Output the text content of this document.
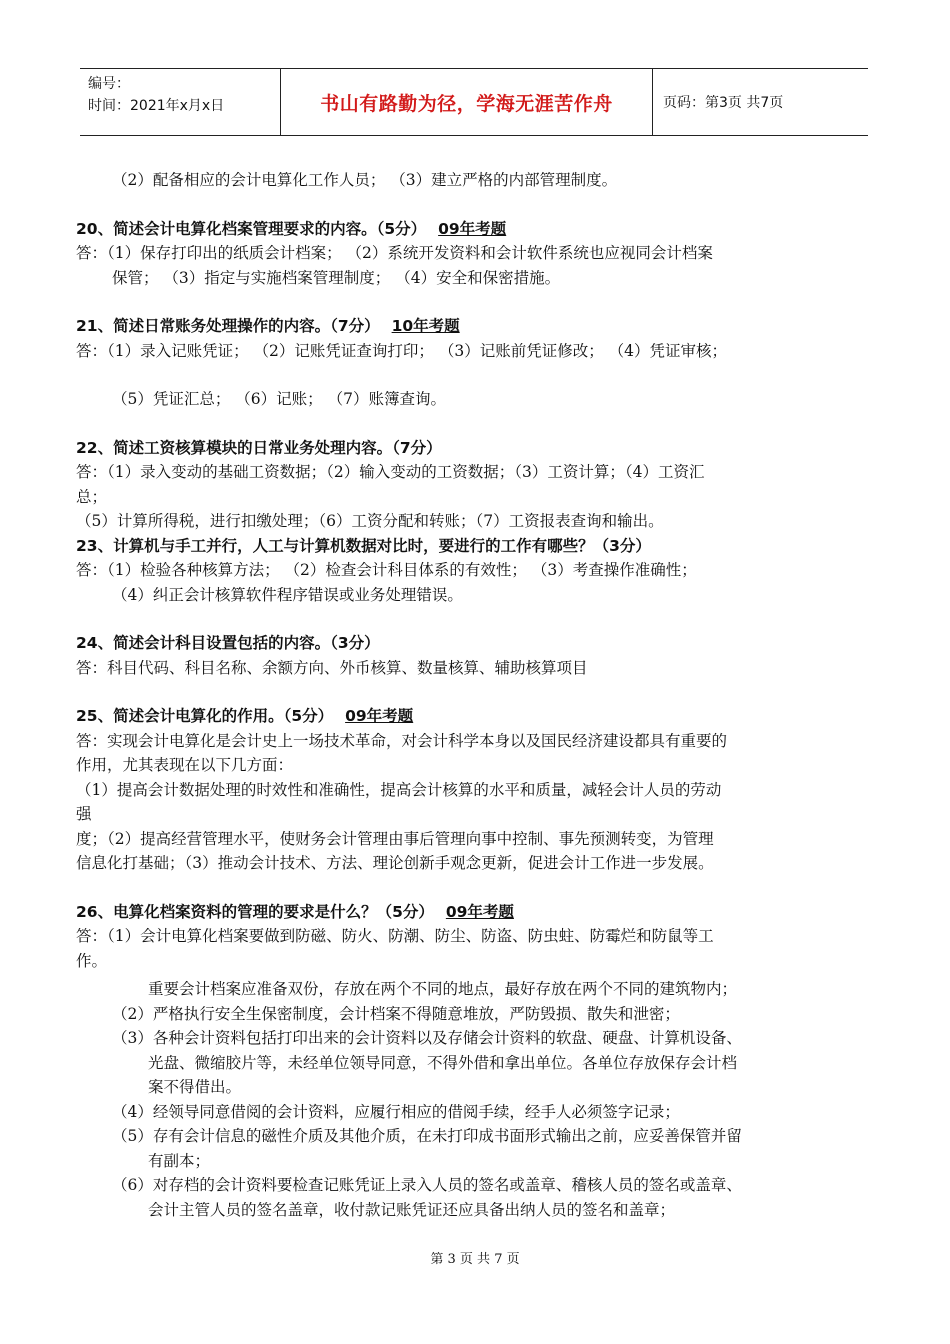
编号：
时间：2021年x月x日	书山有路勤为径，学海无涯苦作舟	页码：第3页 共7页

（2）配备相应的会计电算化工作人员； （3）建立严格的内部管理制度。

20、简述会计电算化档案管理要求的内容。（5分） 09年考题

答：（1）保存打印出的纸质会计档案； （2）系统开发资料和会计软件系统也应视同会计档案

保管； （3）指定与实施档案管理制度； （4）安全和保密措施。

21、简述日常账务处理操作的内容。（7分） 10年考题

答：（1）录入记账凭证； （2）记账凭证查询打印； （3）记账前凭证修改； （4）凭证审核；

（5）凭证汇总； （6）记账； （7）账簿查询。

22、简述工资核算模块的日常业务处理内容。（7分）

答：（1）录入变动的基础工资数据；（2）输入变动的工资数据；（3）工资计算；（4）工资汇

总；

（5）计算所得税，进行扣缴处理；（6）工资分配和转账；（7）工资报表查询和输出。

23、计算机与手工并行，人工与计算机数据对比时，要进行的工作有哪些？（3分）

答：（1）检验各种核算方法； （2）检查会计科目体系的有效性； （3）考查操作准确性；

（4）纠正会计核算软件程序错误或业务处理错误。

24、简述会计科目设置包括的内容。（3分）

答：科目代码、科目名称、余额方向、外币核算、数量核算、辅助核算项目

25、简述会计电算化的作用。（5分） 09年考题

答：实现会计电算化是会计史上一场技术革命，对会计科学本身以及国民经济建设都具有重要的

作用，尤其表现在以下几方面：

（1）提高会计数据处理的时效性和准确性，提高会计核算的水平和质量，减轻会计人员的劳动

强

度；（2）提高经营管理水平，使财务会计管理由事后管理向事中控制、事先预测转变，为管理

信息化打基础；（3）推动会计技术、方法、理论创新手观念更新，促进会计工作进一步发展。

26、电算化档案资料的管理的要求是什么？（5分） 09年考题

答：（1）会计电算化档案要做到防磁、防火、防潮、防尘、防盗、防虫蛀、防霉烂和防鼠等工

作。

重要会计档案应准备双份，存放在两个不同的地点，最好存放在两个不同的建筑物内；

（2）严格执行安全生保密制度，会计档案不得随意堆放，严防毁损、散失和泄密；

（3）各种会计资料包括打印出来的会计资料以及存储会计资料的软盘、硬盘、计算机设备、

光盘、微缩胶片等，未经单位领导同意，不得外借和拿出单位。各单位存放保存会计档

案不得借出。

（4）经领导同意借阅的会计资料，应履行相应的借阅手续，经手人必须签字记录；

（5）存有会计信息的磁性介质及其他介质，在未打印成书面形式输出之前，应妥善保管并留

有副本；

（6）对存档的会计资料要检查记账凭证上录入人员的签名或盖章、稽核人员的签名或盖章、

会计主管人员的签名盖章，收付款记账凭证还应具备出纳人员的签名和盖章；

第 3 页 共 7 页
